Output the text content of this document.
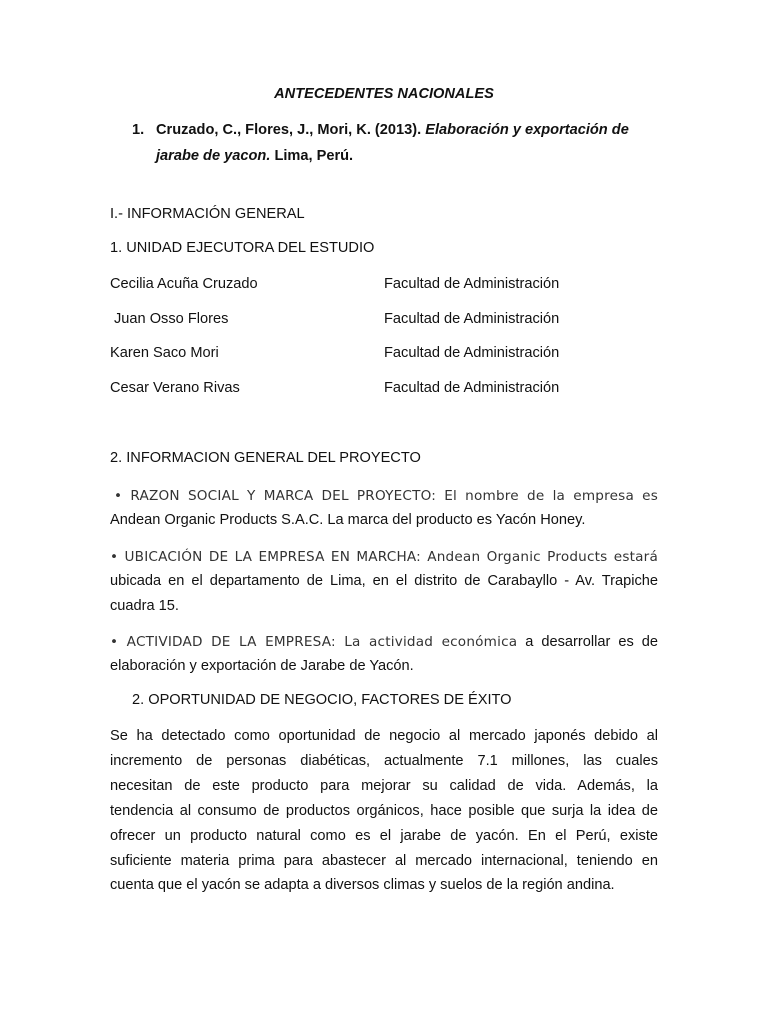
ANTECEDENTES NACIONALES
1. Cruzado, C., Flores, J., Mori, K. (2013). Elaboración y exportación de
jarabe de yacon. Lima, Perú.
I.- INFORMACIÓN GENERAL
1. UNIDAD EJECUTORA DEL ESTUDIO
Cecilia Acuña Cruzado	Facultad de Administración
Juan Osso Flores	Facultad de Administración
Karen Saco Mori	Facultad de Administración
Cesar Verano Rivas	Facultad de Administración
2. INFORMACION GENERAL DEL PROYECTO
• RAZON SOCIAL Y MARCA DEL PROYECTO: El nombre de la empresa es
Andean Organic Products S.A.C. La marca del producto es Yacón Honey.
• UBICACIÓN DE LA EMPRESA EN MARCHA: Andean Organic Products estará
ubicada en el departamento de Lima, en el distrito de Carabayllo - Av. Trapiche
cuadra 15.
• ACTIVIDAD DE LA EMPRESA: La actividad económica a desarrollar es de
elaboración y exportación de Jarabe de Yacón.
2. OPORTUNIDAD DE NEGOCIO, FACTORES DE ÉXITO
Se ha detectado como oportunidad de negocio al mercado japonés debido al
incremento de personas diabéticas, actualmente 7.1 millones, las cuales
necesitan de este producto para mejorar su calidad de vida. Además, la
tendencia al consumo de productos orgánicos, hace posible que surja la idea de
ofrecer un producto natural como es el jarabe de yacón. En el Perú, existe
suficiente materia prima para abastecer al mercado internacional, teniendo en
cuenta que el yacón se adapta a diversos climas y suelos de la región andina.
